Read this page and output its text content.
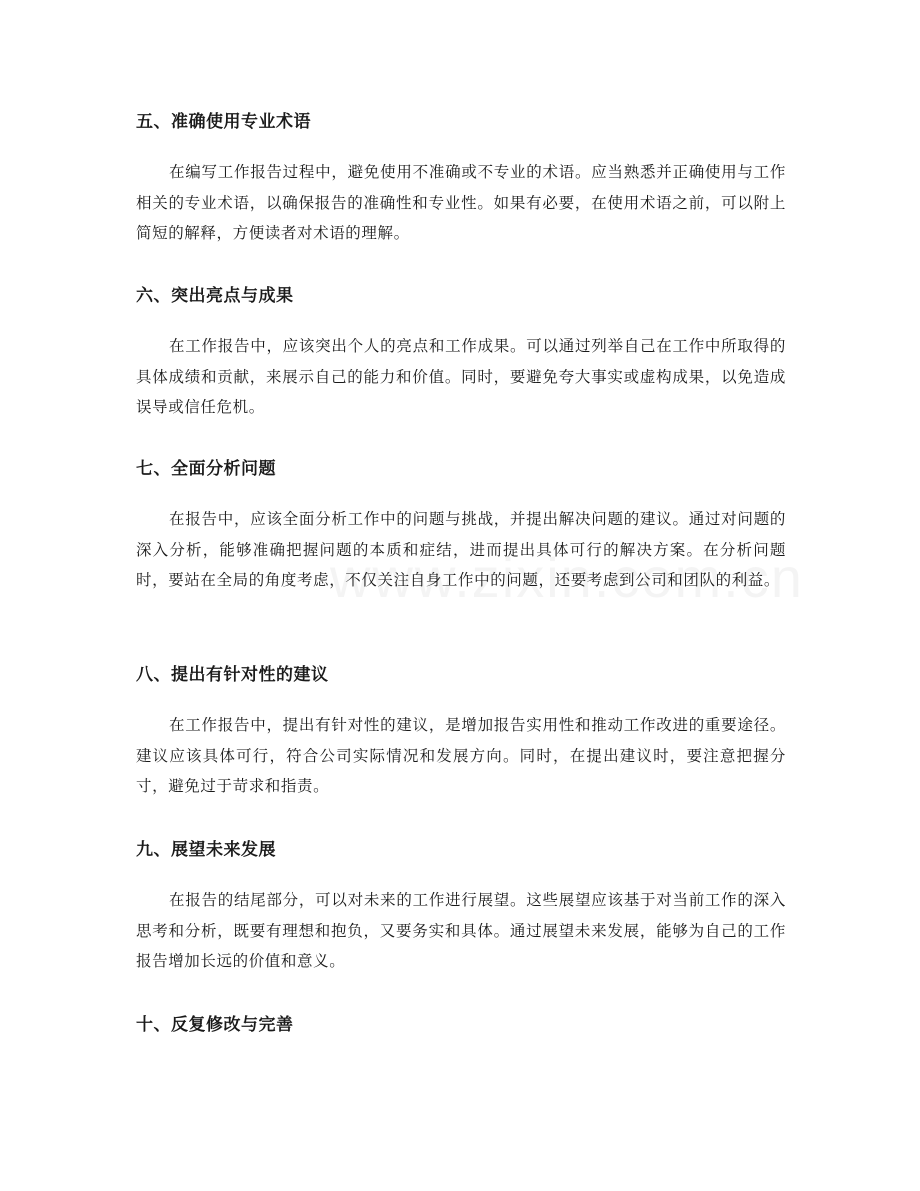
五、准确使用专业术语

在编写工作报告过程中，避免使用不准确或不专业的术语。应当熟悉并正确使用与工作相关的专业术语，以确保报告的准确性和专业性。如果有必要，在使用术语之前，可以附上简短的解释，方便读者对术语的理解。

六、突出亮点与成果

在工作报告中，应该突出个人的亮点和工作成果。可以通过列举自己在工作中所取得的具体成绩和贡献，来展示自己的能力和价值。同时，要避免夸大事实或虚构成果，以免造成误导或信任危机。

七、全面分析问题

在报告中，应该全面分析工作中的问题与挑战，并提出解决问题的建议。通过对问题的深入分析，能够准确把握问题的本质和症结，进而提出具体可行的解决方案。在分析问题时，要站在全局的角度考虑，不仅关注自身工作中的问题，还要考虑到公司和团队的利益。

八、提出有针对性的建议

在工作报告中，提出有针对性的建议，是增加报告实用性和推动工作改进的重要途径。建议应该具体可行，符合公司实际情况和发展方向。同时，在提出建议时，要注意把握分寸，避免过于苛求和指责。

九、展望未来发展

在报告的结尾部分，可以对未来的工作进行展望。这些展望应该基于对当前工作的深入思考和分析，既要有理想和抱负，又要务实和具体。通过展望未来发展，能够为自己的工作报告增加长远的价值和意义。

十、反复修改与完善
